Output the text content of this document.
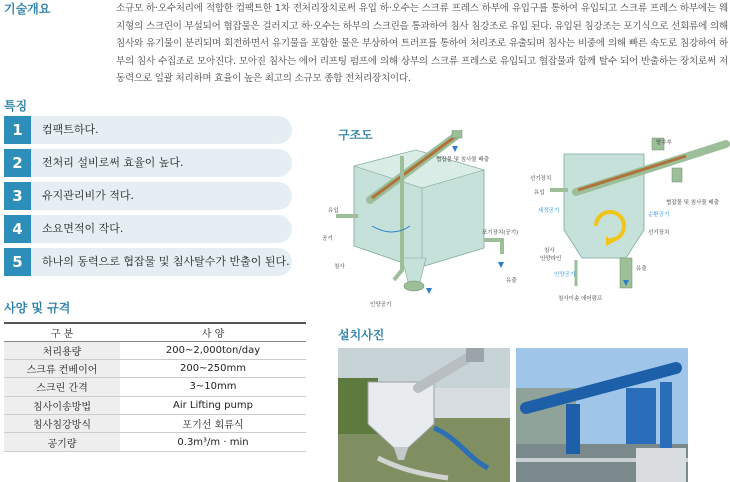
기술개요	소규모 하·오수처리에 적합한 컴팩트한 1차 전처리장치로써 유입 하·오수는 스크류 프레스 하부에 유입구를 통하여 유입되고 스크류 프레스 하부에는 웨지형의 스크린이 부설되어 협잡물은 걸러지고 하·오수는 하부의 스크린을 통과하여 침사 침강조로 유입 된다. 유입된 침강조는 포기식으로 선회류에 의해 침사와 유기물이 분리되며 회전하면서 유기물을 포함한 물은 부상하여 트러프를 통하여 처리조로 유출되며 침사는 비중에 의해 빠른 속도로 침강하여 하부의 침사 수집조로 모아진다. 모아진 침사는 에어 리프팅 펌프에 의해 상부의 스크류 프레스로 유입되고 협잡물과 함께 탈수 되어 반출하는 장치로써 저동력으로 일괄 처리하며 효율이 높은 최고의 소규모 종합 전처리장치이다.
특징
1	컴팩트하다.
2	전처리 설비로써 효율이 높다.
3	유지관리비가 적다.
4	소요면적이 작다.
5	하나의 동력으로 협잡물 및 침사탈수가 반출이 된다.
사양 및 규격
구 분	사 양
처리용량	200~2,000ton/day
스크류 컨베이어	200~250mm
스크린 간격	3~10mm
침사이송방법	Air Lifting pump
침사침강방식	포기선 회류식
공기량	0.3m³/m · min
구조도
협잡물 및 침사물 배출
유입
공기
침사
포기장치(공기)
유출
인양공기
탈수부
선기장치
유입
세정공기
순환공기
선기장치
협잡물 및 침사물 배출
침사
인양라인
인양공기
유출
침사이송 에어펌프
설치사진
